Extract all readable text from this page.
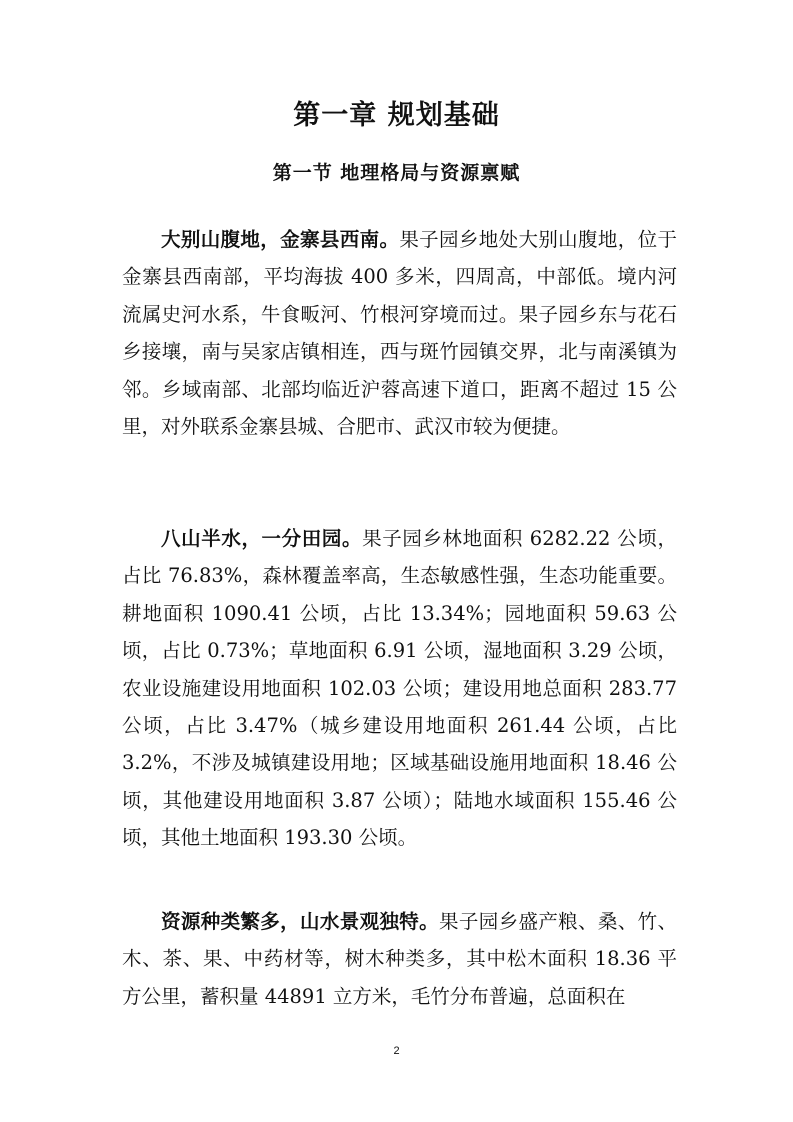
第一章 规划基础
第一节 地理格局与资源禀赋

大别山腹地，金寨县西南。果子园乡地处大别山腹地，位于金寨县西南部，平均海拔 400 多米，四周高，中部低。境内河流属史河水系，牛食畈河、竹根河穿境而过。果子园乡东与花石乡接壤，南与吴家店镇相连，西与斑竹园镇交界，北与南溪镇为邻。乡域南部、北部均临近沪蓉高速下道口，距离不超过 15 公里，对外联系金寨县城、合肥市、武汉市较为便捷。

八山半水，一分田园。果子园乡林地面积 6282.22 公顷，占比 76.83%，森林覆盖率高，生态敏感性强，生态功能重要。耕地面积 1090.41 公顷，占比 13.34%；园地面积 59.63 公顷，占比 0.73%；草地面积 6.91 公顷，湿地面积 3.29 公顷，农业设施建设用地面积 102.03 公顷；建设用地总面积 283.77 公顷，占比 3.47%（城乡建设用地面积 261.44 公顷，占比 3.2%，不涉及城镇建设用地；区域基础设施用地面积 18.46 公顷，其他建设用地面积 3.87 公顷）；陆地水域面积 155.46 公顷，其他土地面积 193.30 公顷。

资源种类繁多，山水景观独特。果子园乡盛产粮、桑、竹、木、茶、果、中药材等，树木种类多，其中松木面积 18.36 平方公里，蓄积量 44891 立方米，毛竹分布普遍，总面积在

2
